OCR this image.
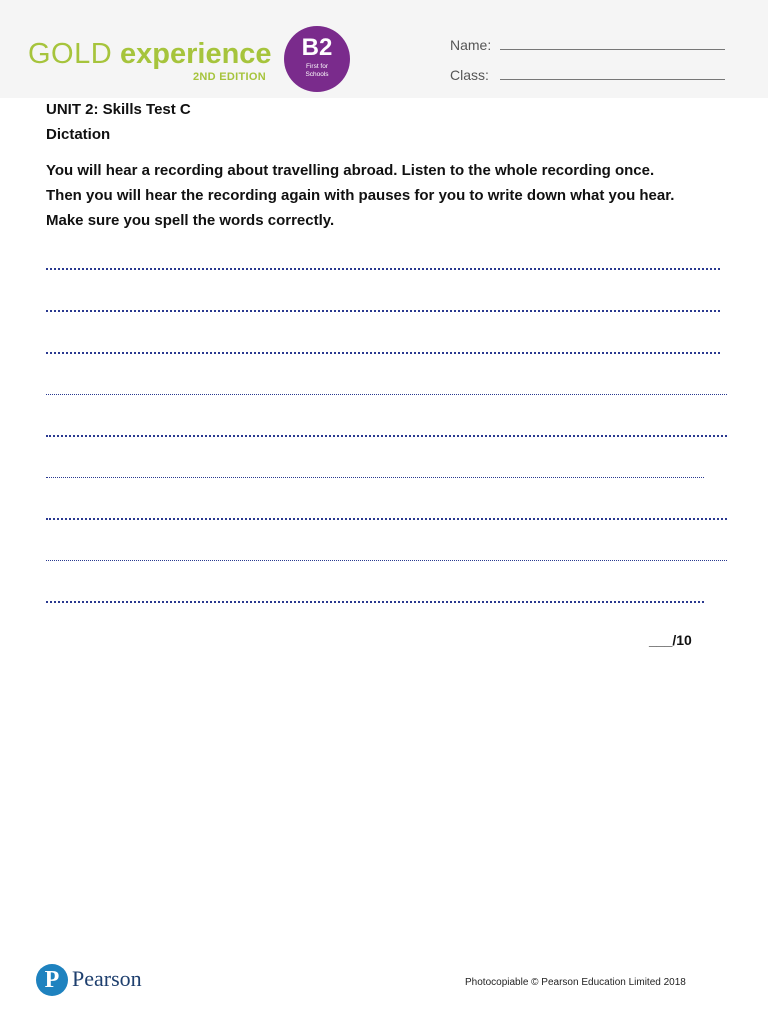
GOLD experience
2ND EDITION
B2
First for Schools
Name:
Class:
UNIT 2: Skills Test C
Dictation
You will hear a recording about travelling abroad. Listen to the whole recording once.
Then you will hear the recording again with pauses for you to write down what you hear.
Make sure you spell the words correctly.
___/10
P Pearson	Photocopiable © Pearson Education Limited 2018
